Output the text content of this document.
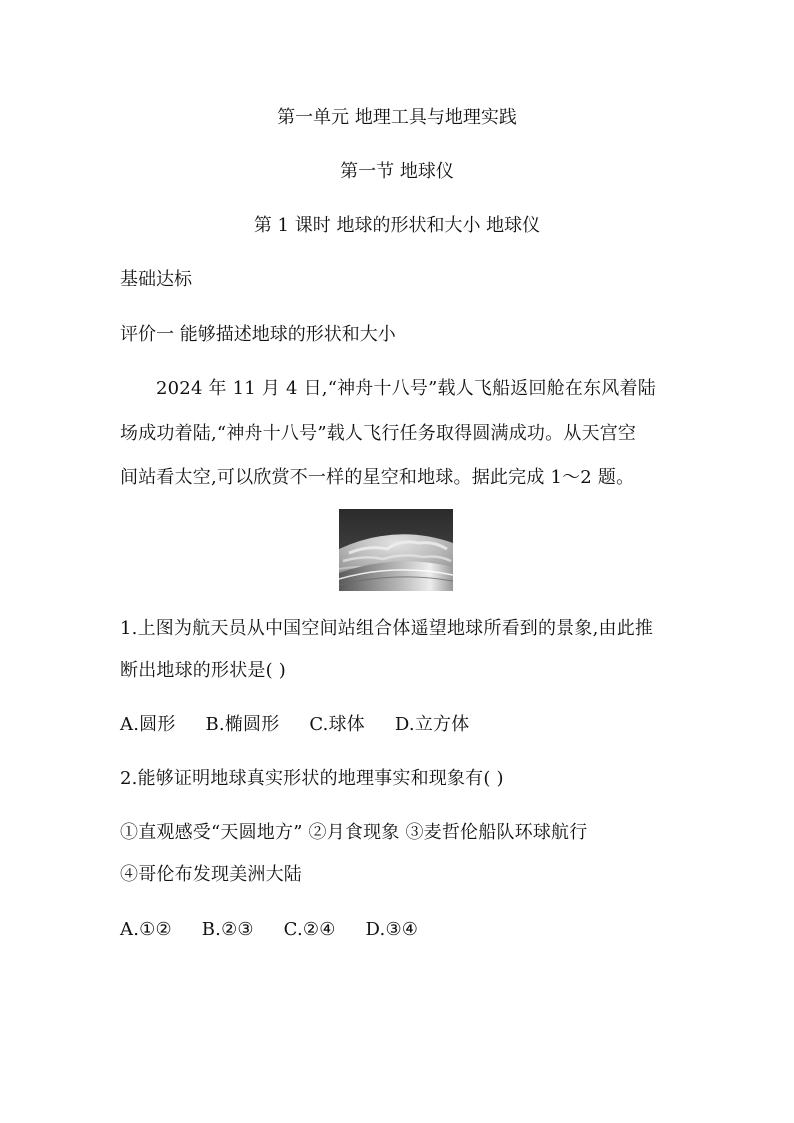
第一单元 地理工具与地理实践
第一节 地球仪
第 1 课时 地球的形状和大小 地球仪
基础达标
评价一 能够描述地球的形状和大小
2024 年 11 月 4 日,“神舟十八号”载人飞船返回舱在东风着陆
场成功着陆,“神舟十八号”载人飞行任务取得圆满成功。从天宫空
间站看太空,可以欣赏不一样的星空和地球。据此完成 1～2 题。
1.上图为航天员从中国空间站组合体遥望地球所看到的景象,由此推
断出地球的形状是( )
A.圆形 B.椭圆形 C.球体 D.立方体
2.能够证明地球真实形状的地理事实和现象有( )
①直观感受“天圆地方” ②月食现象 ③麦哲伦船队环球航行
④哥伦布发现美洲大陆
A.①② B.②③ C.②④ D.③④
